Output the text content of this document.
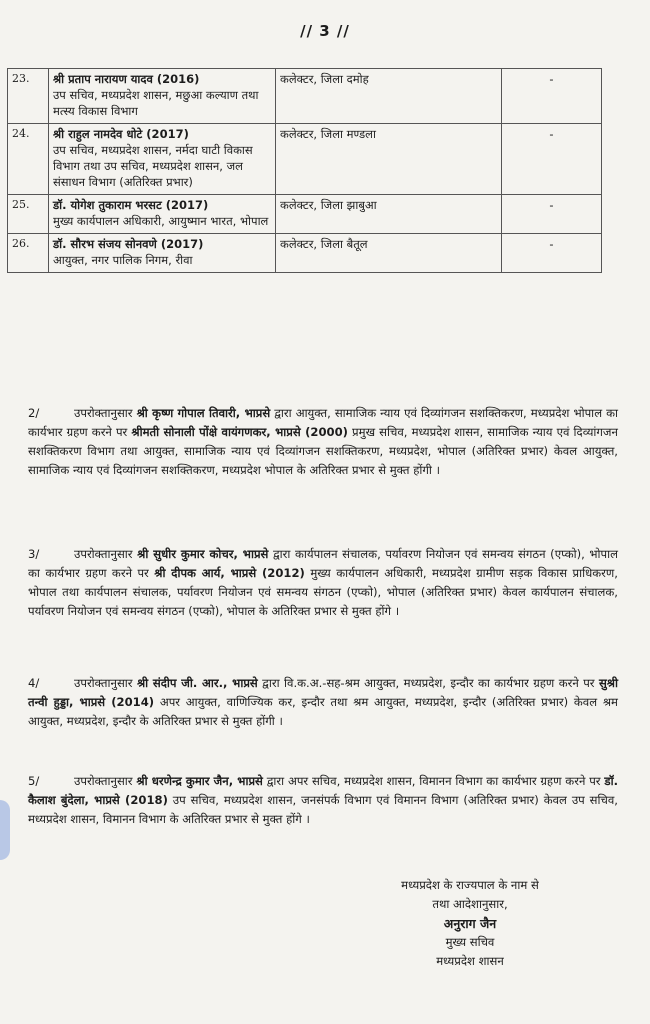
// 3 //
23.	श्री प्रताप नारायण यादव (2016)
उप सचिव, मध्यप्रदेश शासन, मछुआ कल्याण तथा मत्स्य विकास विभाग	कलेक्टर, जिला दमोह	-
24.	श्री राहुल नामदेव धोटे (2017)
उप सचिव, मध्यप्रदेश शासन, नर्मदा घाटी विकास विभाग तथा उप सचिव, मध्यप्रदेश शासन, जल संसाधन विभाग (अतिरिक्त प्रभार)	कलेक्टर, जिला मण्डला	-
25.	डॉ. योगेश तुकाराम भरसट (2017)
मुख्य कार्यपालन अधिकारी, आयुष्मान भारत, भोपाल	कलेक्टर, जिला झाबुआ	-
26.	डॉ. सौरभ संजय सोनवणे (2017)
आयुक्त, नगर पालिक निगम, रीवा	कलेक्टर, जिला बैतूल	-

2/	उपरोक्तानुसार श्री कृष्ण गोपाल तिवारी, भाप्रसे द्वारा आयुक्त, सामाजिक न्याय एवं दिव्यांगजन सशक्तिकरण, मध्यप्रदेश भोपाल का कार्यभार ग्रहण करने पर श्रीमती सोनाली पोंक्षे वायंगणकर, भाप्रसे (2000) प्रमुख सचिव, मध्यप्रदेश शासन, सामाजिक न्याय एवं दिव्यांगजन सशक्तिकरण विभाग तथा आयुक्त, सामाजिक न्याय एवं दिव्यांगजन सशक्तिकरण, मध्यप्रदेश, भोपाल (अतिरिक्त प्रभार) केवल आयुक्त, सामाजिक न्याय एवं दिव्यांगजन सशक्तिकरण, मध्यप्रदेश भोपाल के अतिरिक्त प्रभार से मुक्त होंगी ।

3/	उपरोक्तानुसार श्री सुधीर कुमार कोचर, भाप्रसे द्वारा कार्यपालन संचालक, पर्यावरण नियोजन एवं समन्वय संगठन (एप्को), भोपाल का कार्यभार ग्रहण करने पर श्री दीपक आर्य, भाप्रसे (2012) मुख्य कार्यपालन अधिकारी, मध्यप्रदेश ग्रामीण सड़क विकास प्राधिकरण, भोपाल तथा कार्यपालन संचालक, पर्यावरण नियोजन एवं समन्वय संगठन (एप्को), भोपाल (अतिरिक्त प्रभार) केवल कार्यपालन संचालक, पर्यावरण नियोजन एवं समन्वय संगठन (एप्को), भोपाल के अतिरिक्त प्रभार से मुक्त होंगे ।

4/	उपरोक्तानुसार श्री संदीप जी. आर., भाप्रसे द्वारा वि.क.अ.-सह-श्रम आयुक्त, मध्यप्रदेश, इन्दौर का कार्यभार ग्रहण करने पर सुश्री तन्वी हुड्डा, भाप्रसे (2014) अपर आयुक्त, वाणिज्यिक कर, इन्दौर तथा श्रम आयुक्त, मध्यप्रदेश, इन्दौर (अतिरिक्त प्रभार) केवल श्रम आयुक्त, मध्यप्रदेश, इन्दौर के अतिरिक्त प्रभार से मुक्त होंगी ।

5/	उपरोक्तानुसार श्री धरणेन्द्र कुमार जैन, भाप्रसे द्वारा अपर सचिव, मध्यप्रदेश शासन, विमानन विभाग का कार्यभार ग्रहण करने पर डॉ. कैलाश बुंदेला, भाप्रसे (2018) उप सचिव, मध्यप्रदेश शासन, जनसंपर्क विभाग एवं विमानन विभाग (अतिरिक्त प्रभार) केवल उप सचिव, मध्यप्रदेश शासन, विमानन विभाग के अतिरिक्त प्रभार से मुक्त होंगे ।

मध्यप्रदेश के राज्यपाल के नाम से
तथा आदेशानुसार,
अनुराग जैन
मुख्य सचिव
मध्यप्रदेश शासन
